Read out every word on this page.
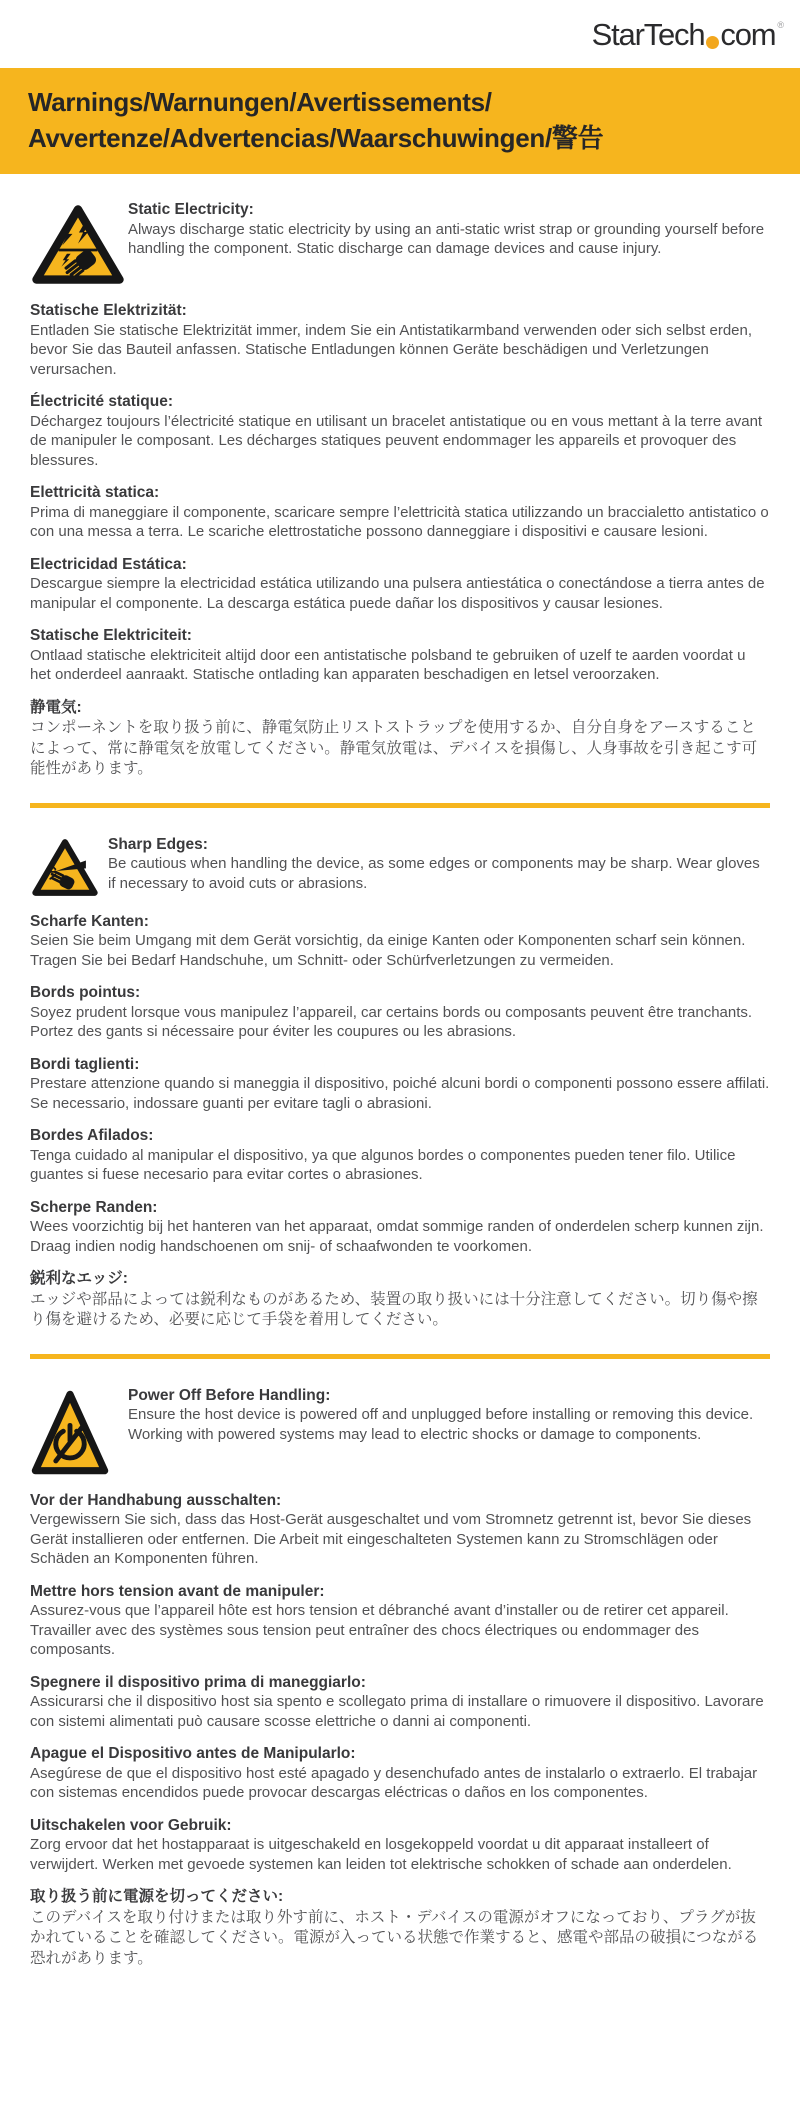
StarTech com ®
Warnings/Warnungen/Avertissements/
Avvertenze/Advertencias/Waarschuwingen/警告
Static Electricity:
Always discharge static electricity by using an anti-static wrist strap or grounding yourself before handling the component. Static discharge can damage devices and cause injury.
Statische Elektrizität:
Entladen Sie statische Elektrizität immer, indem Sie ein Antistatikarmband verwenden oder sich selbst erden, bevor Sie das Bauteil anfassen. Statische Entladungen können Geräte beschädigen und Verletzungen verursachen.
Électricité statique:
Déchargez toujours l’électricité statique en utilisant un bracelet antistatique ou en vous mettant à la terre avant de manipuler le composant. Les décharges statiques peuvent endommager les appareils et provoquer des blessures.
Elettricità statica:
Prima di maneggiare il componente, scaricare sempre l’elettricità statica utilizzando un braccialetto antistatico o con una messa a terra. Le scariche elettrostatiche possono danneggiare i dispositivi e causare lesioni.
Electricidad Estática:
Descargue siempre la electricidad estática utilizando una pulsera antiestática o conectándose a tierra antes de manipular el componente. La descarga estática puede dañar los dispositivos y causar lesiones.
Statische Elektriciteit:
Ontlaad statische elektriciteit altijd door een antistatische polsband te gebruiken of uzelf te aarden voordat u het onderdeel aanraakt. Statische ontlading kan apparaten beschadigen en letsel veroorzaken.
静電気:
コンポーネントを取り扱う前に、静電気防止リストストラップを使用するか、自分自身をアースすることによって、常に静電気を放電してください。静電気放電は、デバイスを損傷し、人身事故を引き起こす可能性があります。
Sharp Edges:
Be cautious when handling the device, as some edges or components may be sharp. Wear gloves if necessary to avoid cuts or abrasions.
Scharfe Kanten:
Seien Sie beim Umgang mit dem Gerät vorsichtig, da einige Kanten oder Komponenten scharf sein können. Tragen Sie bei Bedarf Handschuhe, um Schnitt- oder Schürfverletzungen zu vermeiden.
Bords pointus:
Soyez prudent lorsque vous manipulez l’appareil, car certains bords ou composants peuvent être tranchants. Portez des gants si nécessaire pour éviter les coupures ou les abrasions.
Bordi taglienti:
Prestare attenzione quando si maneggia il dispositivo, poiché alcuni bordi o componenti possono essere affilati. Se necessario, indossare guanti per evitare tagli o abrasioni.
Bordes Afilados:
Tenga cuidado al manipular el dispositivo, ya que algunos bordes o componentes pueden tener filo. Utilice guantes si fuese necesario para evitar cortes o abrasiones.
Scherpe Randen:
Wees voorzichtig bij het hanteren van het apparaat, omdat sommige randen of onderdelen scherp kunnen zijn. Draag indien nodig handschoenen om snij- of schaafwonden te voorkomen.
鋭利なエッジ:
エッジや部品によっては鋭利なものがあるため、装置の取り扱いには十分注意してください。切り傷や擦り傷を避けるため、必要に応じて手袋を着用してください。
Power Off Before Handling:
Ensure the host device is powered off and unplugged before installing or removing this device. Working with powered systems may lead to electric shocks or damage to components.
Vor der Handhabung ausschalten:
Vergewissern Sie sich, dass das Host-Gerät ausgeschaltet und vom Stromnetz getrennt ist, bevor Sie dieses Gerät installieren oder entfernen. Die Arbeit mit eingeschalteten Systemen kann zu Stromschlägen oder Schäden an Komponenten führen.
Mettre hors tension avant de manipuler:
Assurez-vous que l’appareil hôte est hors tension et débranché avant d’installer ou de retirer cet appareil. Travailler avec des systèmes sous tension peut entraîner des chocs électriques ou endommager des composants.
Spegnere il dispositivo prima di maneggiarlo:
Assicurarsi che il dispositivo host sia spento e scollegato prima di installare o rimuovere il dispositivo. Lavorare con sistemi alimentati può causare scosse elettriche o danni ai componenti.
Apague el Dispositivo antes de Manipularlo:
Asegúrese de que el dispositivo host esté apagado y desenchufado antes de instalarlo o extraerlo. El trabajar con sistemas encendidos puede provocar descargas eléctricas o daños en los componentes.
Uitschakelen voor Gebruik:
Zorg ervoor dat het hostapparaat is uitgeschakeld en losgekoppeld voordat u dit apparaat installeert of verwijdert. Werken met gevoede systemen kan leiden tot elektrische schokken of schade aan onderdelen.
取り扱う前に電源を切ってください:
このデバイスを取り付けまたは取り外す前に、ホスト・デバイスの電源がオフになっており、プラグが抜かれていることを確認してください。電源が入っている状態で作業すると、感電や部品の破損につながる恐れがあります。
